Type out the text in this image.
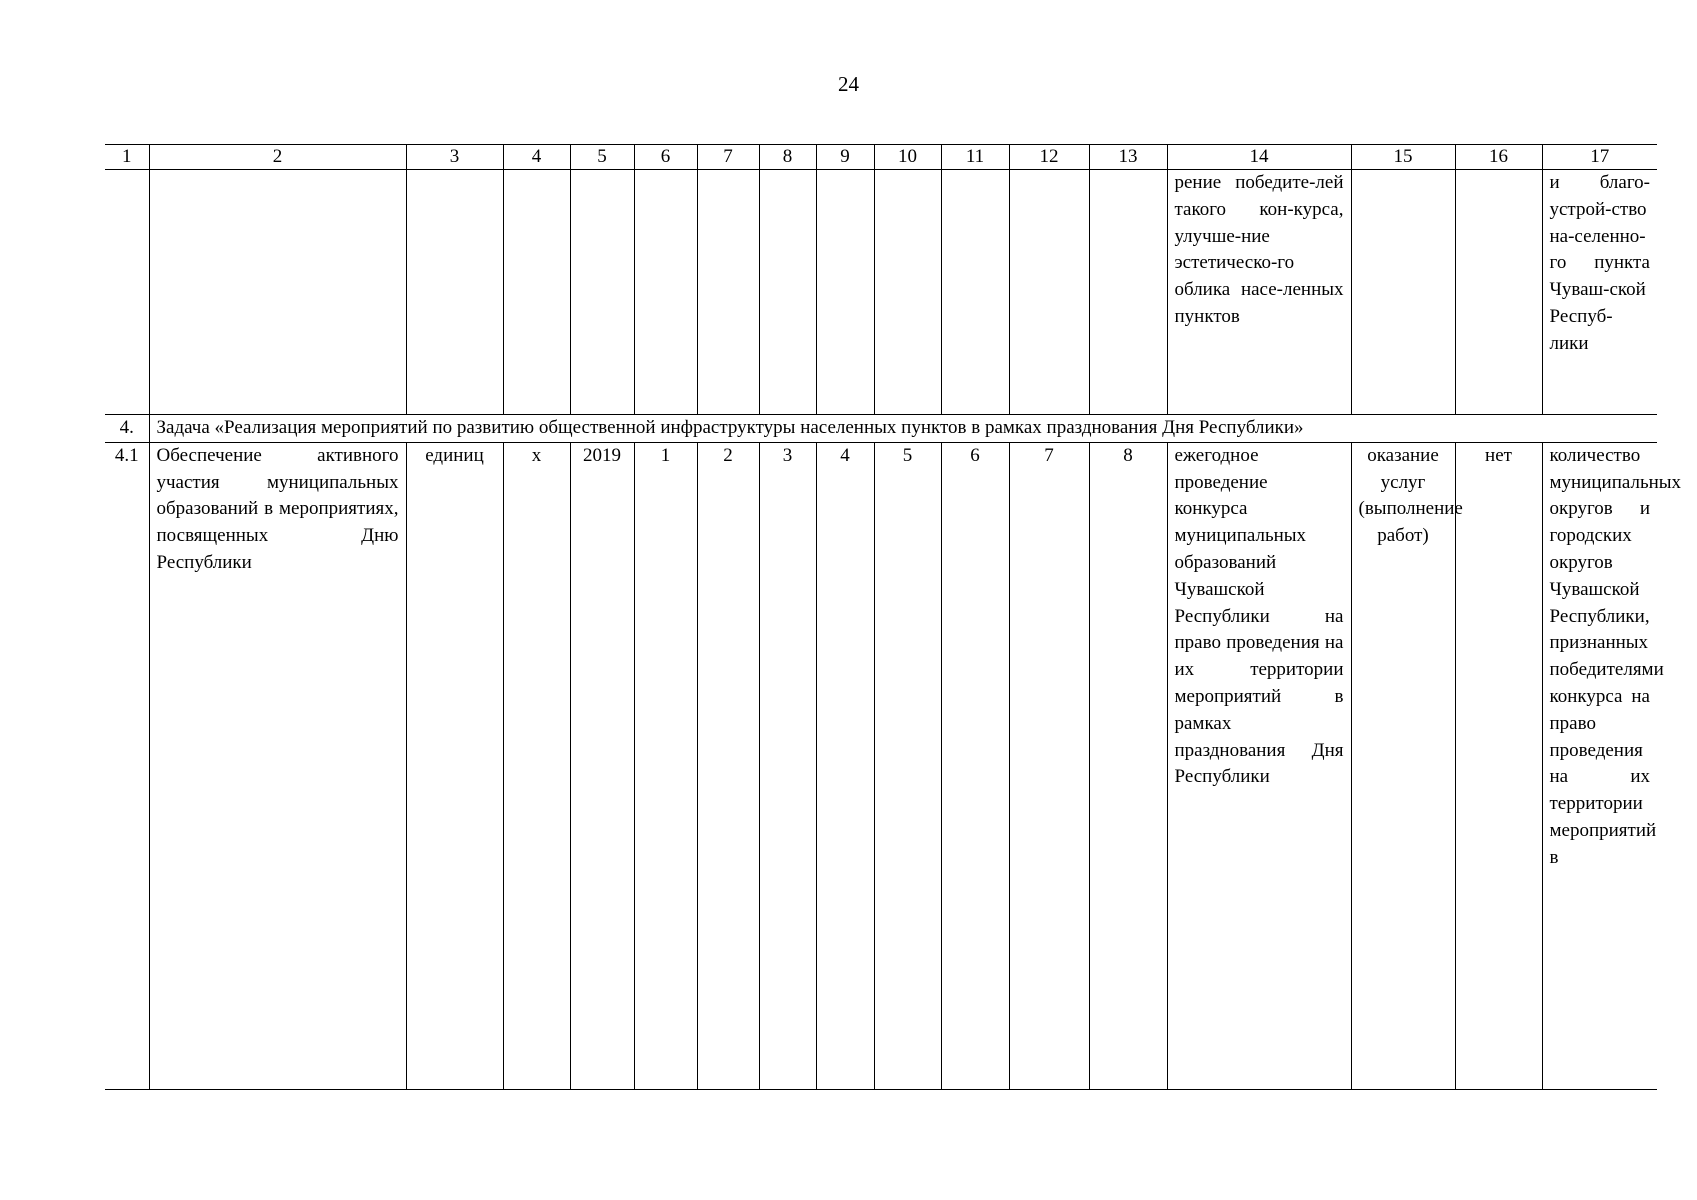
24
1	2	3	4	5	6	7	8	9	10	11	12	13	14	15	16	17
													рение победите-лей такого кон-курса, улучше-ние эстетическо-го облика насе-ленных пунктов			и благо-устрой-ство на-селенно-го пункта Чуваш-ской Респуб-лики
4.	Задача «Реализация мероприятий по развитию общественной инфраструктуры населенных пунктов в рамках празднования Дня Республики»															
4.1	Обеспечение активного участия муниципальных образований в мероприятиях, посвященных Дню Республики	единиц	x	2019	1	2	3	4	5	6	7	8	ежегодное проведение конкурса муниципальных образований Чувашской Республики на право проведения на их территории мероприятий в рамках празднования Дня Республики	оказание услуг (выполнение работ)	нет	количество муниципальных округов и городских округов Чувашской Республики, признанных победителями конкурса на право проведения на их территории мероприятий в
